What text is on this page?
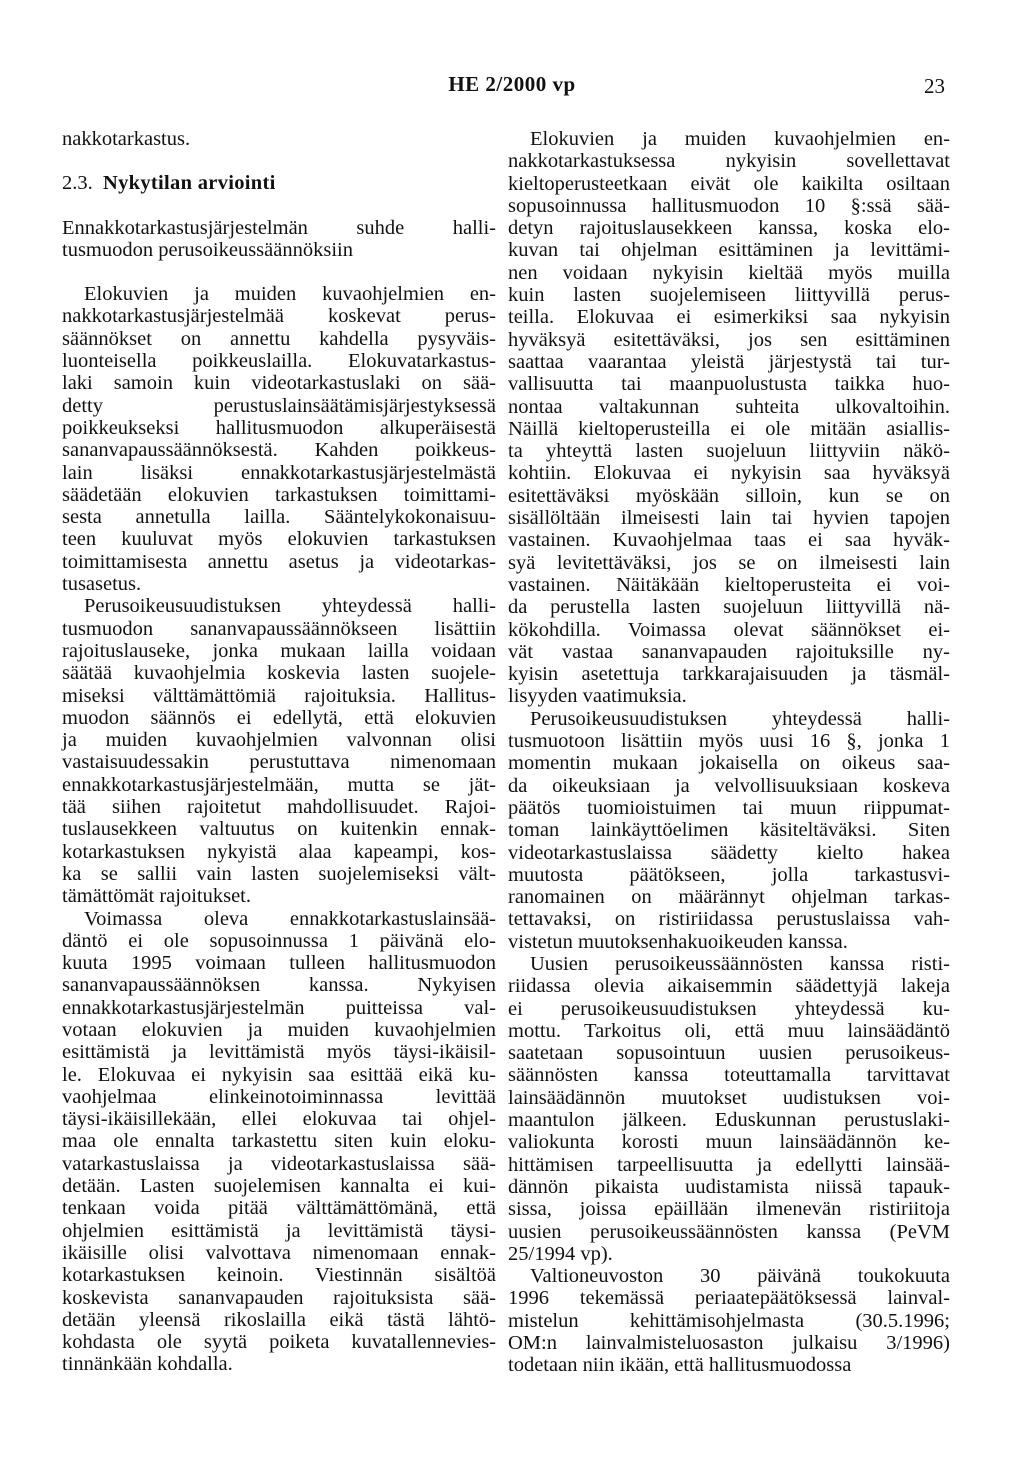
HE 2/2000 vp	23
nakkotarkastus.
2.3. Nykytilan arviointi
Ennakkotarkastusjärjestelmän suhde halli-
tusmuodon perusoikeussäännöksiin
Elokuvien ja muiden kuvaohjelmien en-
nakkotarkastusjärjestelmää koskevat perus-
säännökset on annettu kahdella pysyväis-
luonteisella poikkeuslailla. Elokuvatarkastus-
laki samoin kuin videotarkastuslaki on sää-
detty perustuslainsäätämisjärjestyksessä
poikkeukseksi hallitusmuodon alkuperäisestä
sananvapaussäännöksestä. Kahden poikkeus-
lain lisäksi ennakkotarkastusjärjestelmästä
säädetään elokuvien tarkastuksen toimittami-
sesta annetulla lailla. Sääntelykokonaisuu-
teen kuuluvat myös elokuvien tarkastuksen
toimittamisesta annettu asetus ja videotarkas-
tusasetus.
Perusoikeusuudistuksen yhteydessä halli-
tusmuodon sananvapaussäännökseen lisättiin
rajoituslauseke, jonka mukaan lailla voidaan
säätää kuvaohjelmia koskevia lasten suojele-
miseksi välttämättömiä rajoituksia. Hallitus-
muodon säännös ei edellytä, että elokuvien
ja muiden kuvaohjelmien valvonnan olisi
vastaisuudessakin perustuttava nimenomaan
ennakkotarkastusjärjestelmään, mutta se jät-
tää siihen rajoitetut mahdollisuudet. Rajoi-
tuslausekkeen valtuutus on kuitenkin ennak-
kotarkastuksen nykyistä alaa kapeampi, kos-
ka se sallii vain lasten suojelemiseksi vält-
tämättömät rajoitukset.
Voimassa oleva ennakkotarkastuslainsää-
däntö ei ole sopusoinnussa 1 päivänä elo-
kuuta 1995 voimaan tulleen hallitusmuodon
sananvapaussäännöksen kanssa. Nykyisen
ennakkotarkastusjärjestelmän puitteissa val-
votaan elokuvien ja muiden kuvaohjelmien
esittämistä ja levittämistä myös täysi-ikäisil-
le. Elokuvaa ei nykyisin saa esittää eikä ku-
vaohjelmaa elinkeinotoiminnassa levittää
täysi-ikäisillekään, ellei elokuvaa tai ohjel-
maa ole ennalta tarkastettu siten kuin eloku-
vatarkastuslaissa ja videotarkastuslaissa sää-
detään. Lasten suojelemisen kannalta ei kui-
tenkaan voida pitää välttämättömänä, että
ohjelmien esittämistä ja levittämistä täysi-
ikäisille olisi valvottava nimenomaan ennak-
kotarkastuksen keinoin. Viestinnän sisältöä
koskevista sananvapauden rajoituksista sää-
detään yleensä rikoslailla eikä tästä lähtö-
kohdasta ole syytä poiketa kuvatallennevies-
tinnänkään kohdalla.
Elokuvien ja muiden kuvaohjelmien en-
nakkotarkastuksessa nykyisin sovellettavat
kieltoperusteetkaan eivät ole kaikilta osiltaan
sopusoinnussa hallitusmuodon 10 §:ssä sää-
detyn rajoituslausekkeen kanssa, koska elo-
kuvan tai ohjelman esittäminen ja levittämi-
nen voidaan nykyisin kieltää myös muilla
kuin lasten suojelemiseen liittyvillä perus-
teilla. Elokuvaa ei esimerkiksi saa nykyisin
hyväksyä esitettäväksi, jos sen esittäminen
saattaa vaarantaa yleistä järjestystä tai tur-
vallisuutta tai maanpuolustusta taikka huo-
nontaa valtakunnan suhteita ulkovaltoihin.
Näillä kieltoperusteilla ei ole mitään asiallis-
ta yhteyttä lasten suojeluun liittyviin näkö-
kohtiin. Elokuvaa ei nykyisin saa hyväksyä
esitettäväksi myöskään silloin, kun se on
sisällöltään ilmeisesti lain tai hyvien tapojen
vastainen. Kuvaohjelmaa taas ei saa hyväk-
syä levitettäväksi, jos se on ilmeisesti lain
vastainen. Näitäkään kieltoperusteita ei voi-
da perustella lasten suojeluun liittyvillä nä-
kökohdilla. Voimassa olevat säännökset ei-
vät vastaa sananvapauden rajoituksille ny-
kyisin asetettuja tarkkarajaisuuden ja täsmäl-
lisyyden vaatimuksia.
Perusoikeusuudistuksen yhteydessä halli-
tusmuotoon lisättiin myös uusi 16 §, jonka 1
momentin mukaan jokaisella on oikeus saa-
da oikeuksiaan ja velvollisuuksiaan koskeva
päätös tuomioistuimen tai muun riippumat-
toman lainkäyttöelimen käsiteltäväksi. Siten
videotarkastuslaissa säädetty kielto hakea
muutosta päätökseen, jolla tarkastusvi-
ranomainen on määrännyt ohjelman tarkas-
tettavaksi, on ristiriidassa perustuslaissa vah-
vistetun muutoksenhakuoikeuden kanssa.
Uusien perusoikeussäännösten kanssa risti-
riidassa olevia aikaisemmin säädettyjä lakeja
ei perusoikeusuudistuksen yhteydessä ku-
mottu. Tarkoitus oli, että muu lainsäädäntö
saatetaan sopusointuun uusien perusoikeus-
säännösten kanssa toteuttamalla tarvittavat
lainsäädännön muutokset uudistuksen voi-
maantulon jälkeen. Eduskunnan perustuslaki-
valiokunta korosti muun lainsäädännön ke-
hittämisen tarpeellisuutta ja edellytti lainsää-
dännön pikaista uudistamista niissä tapauk-
sissa, joissa epäillään ilmenevän ristiriitoja
uusien perusoikeussäännösten kanssa (PeVM
25/1994 vp).
Valtioneuvoston 30 päivänä toukokuuta
1996 tekemässä periaatepäätöksessä lainval-
mistelun kehittämisohjelmasta (30.5.1996;
OM:n lainvalmisteluosaston julkaisu 3/1996)
todetaan niin ikään, että hallitusmuodossa
